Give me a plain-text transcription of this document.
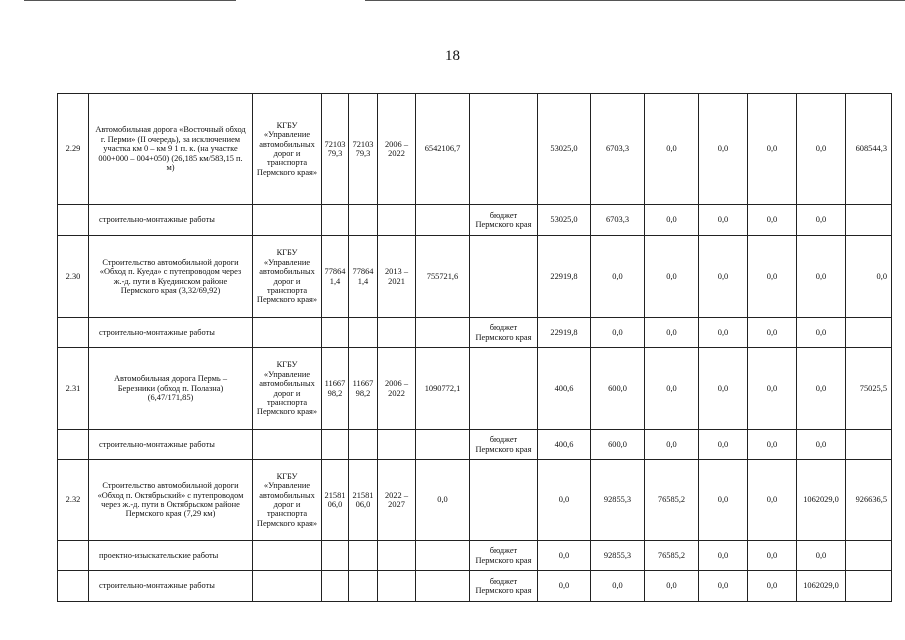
18
2.29	Автомобильная дорога «Восточный обход г. Перми» (II очередь), за исключением участка км 0 – км 9 1 п. к. (на участке 000+000 – 004+050) (26,185 км/583,15 п. м)	КГБУ «Управление автомобильных дорог и транспорта Пермского края»	72103 79,3	72103 79,3	2006 – 2022	6542106,7		53025,0	6703,3	0,0	0,0	0,0	0,0	608544,3
	строительно-монтажные работы						бюджет Пермского края	53025,0	6703,3	0,0	0,0	0,0	0,0	
2.30	Строительство автомобильной дороги «Обход п. Куеда» с путепроводом через ж.-д. пути в Куединском районе Пермского края (3,32/69,92)	КГБУ «Управление автомобильных дорог и транспорта Пермского края»	77864 1,4	77864 1,4	2013 – 2021	755721,6		22919,8	0,0	0,0	0,0	0,0	0,0	0,0
	строительно-монтажные работы						бюджет Пермского края	22919,8	0,0	0,0	0,0	0,0	0,0	
2.31	Автомобильная дорога Пермь – Березники (обход п. Полазна) (6,47/171,85)	КГБУ «Управление автомобильных дорог и транспорта Пермского края»	11667 98,2	11667 98,2	2006 – 2022	1090772,1		400,6	600,0	0,0	0,0	0,0	0,0	75025,5
	строительно-монтажные работы						бюджет Пермского края	400,6	600,0	0,0	0,0	0,0	0,0	
2.32	Строительство автомобильной дороги «Обход п. Октябрьский» с путепроводом через ж.-д. пути в Октябрьском районе Пермского края (7,29 км)	КГБУ «Управление автомобильных дорог и транспорта Пермского края»	21581 06,0	21581 06,0	2022 – 2027	0,0		0,0	92855,3	76585,2	0,0	0,0	1062029,0	926636,5
	проектно-изыскательские работы						бюджет Пермского края	0,0	92855,3	76585,2	0,0	0,0	0,0	
	строительно-монтажные работы						бюджет Пермского края	0,0	0,0	0,0	0,0	0,0	1062029,0	
